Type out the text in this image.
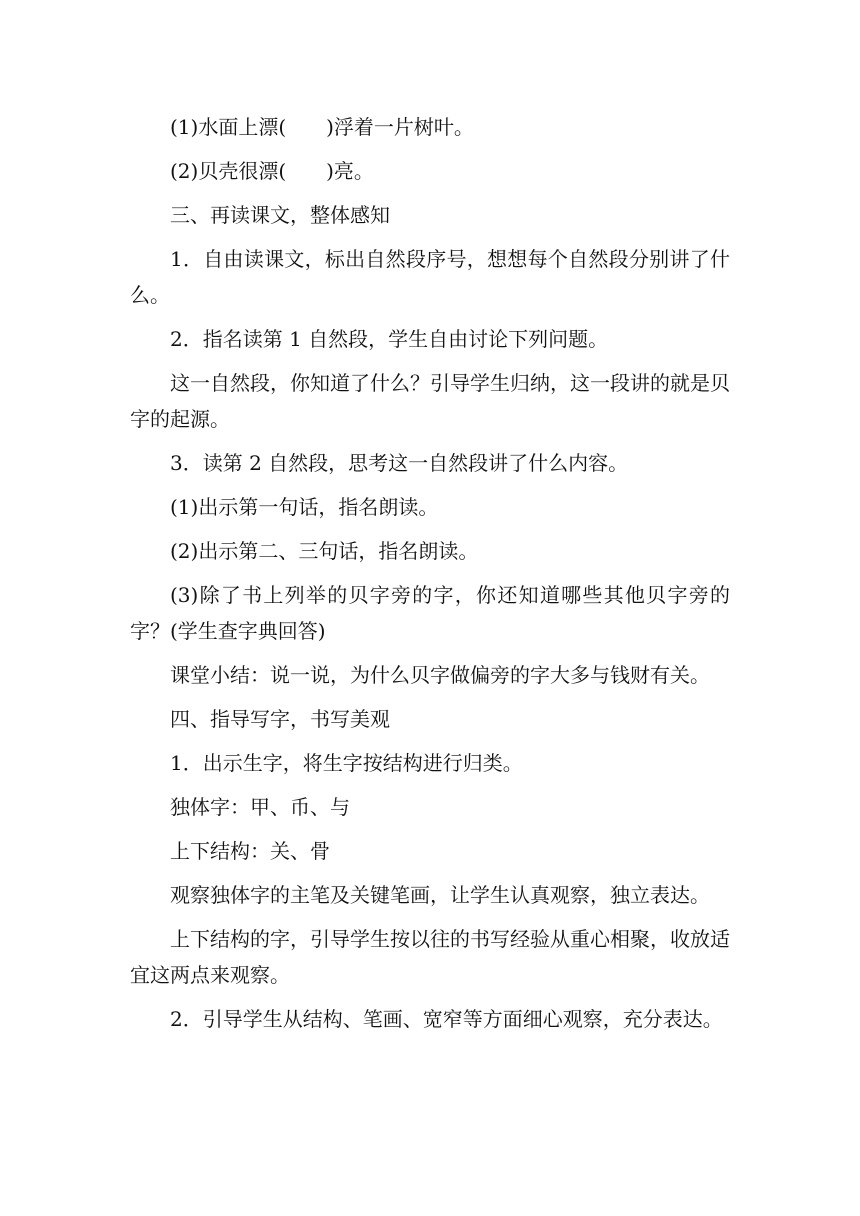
(1)水面上漂(　　)浮着一片树叶。

(2)贝壳很漂(　　)亮。

三、再读课文，整体感知

1．自由读课文，标出自然段序号，想想每个自然段分别讲了什么。

2．指名读第 1 自然段，学生自由讨论下列问题。

这一自然段，你知道了什么？引导学生归纳，这一段讲的就是贝字的起源。

3．读第 2 自然段，思考这一自然段讲了什么内容。

(1)出示第一句话，指名朗读。

(2)出示第二、三句话，指名朗读。

(3)除了书上列举的贝字旁的字，你还知道哪些其他贝字旁的字？(学生查字典回答)

课堂小结：说一说，为什么贝字做偏旁的字大多与钱财有关。

四、指导写字，书写美观

1．出示生字，将生字按结构进行归类。

独体字：甲、币、与

上下结构：关、骨

观察独体字的主笔及关键笔画，让学生认真观察，独立表达。

上下结构的字，引导学生按以往的书写经验从重心相聚，收放适宜这两点来观察。

2．引导学生从结构、笔画、宽窄等方面细心观察，充分表达。
